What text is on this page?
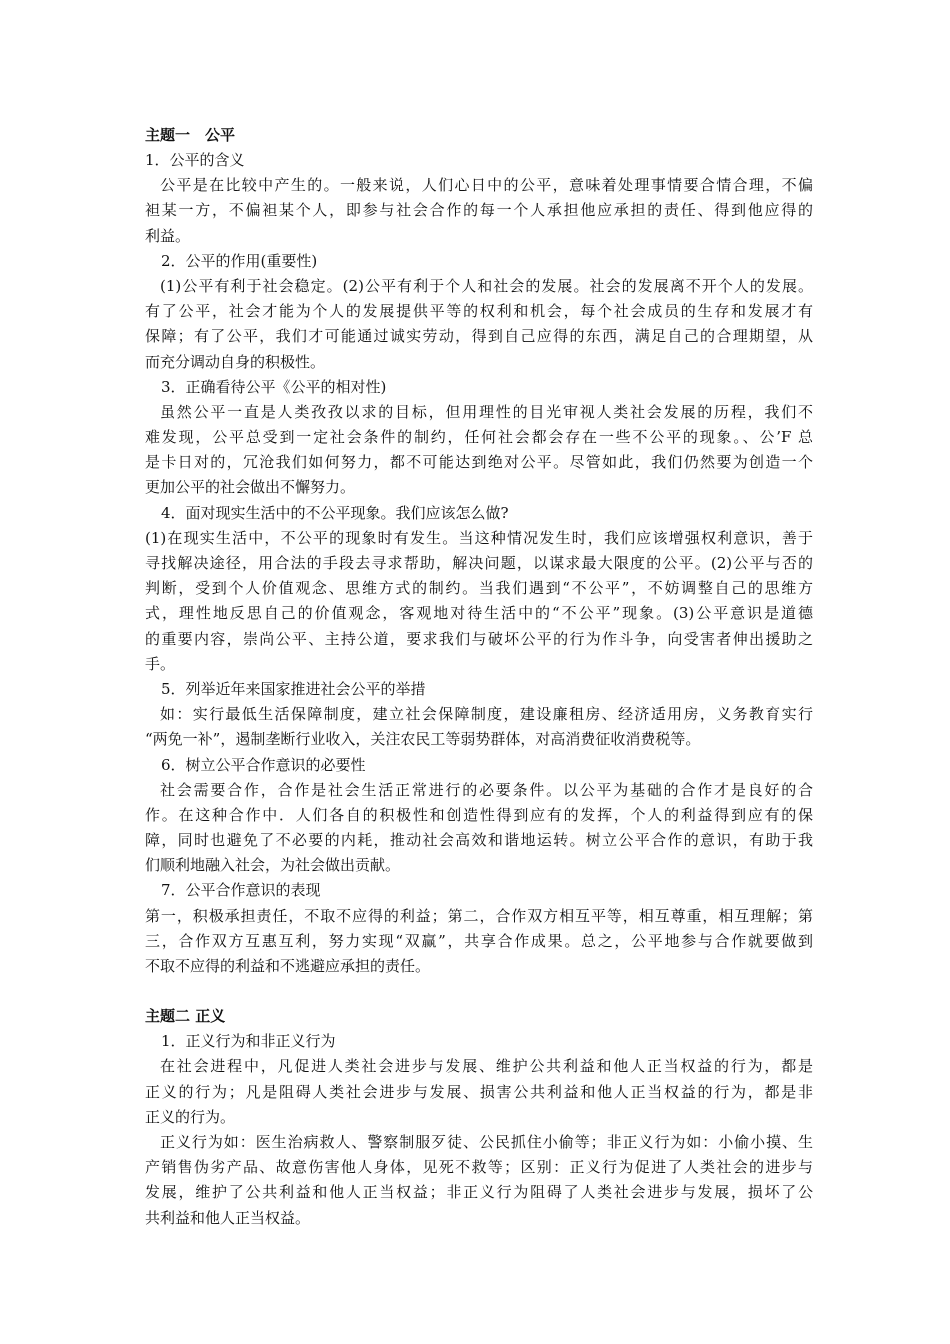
主题一　公平
1．公平的含义
公平是在比较中产生的。一般来说，人们心日中的公平，意味着处理事情要合情合理，不偏
袒某一方，不偏袒某个人，即参与社会合作的每一个人承担他应承担的责任、得到他应得的
利益。
2．公平的作用(重要性)
(1)公平有利于社会稳定。(2)公平有利于个人和社会的发展。社会的发展离不开个人的发展。
有了公平，社会才能为个人的发展提供平等的权利和机会，每个社会成员的生存和发展才有
保障；有了公平，我们才可能通过诚实劳动，得到自己应得的东西，满足自己的合理期望，从
而充分调动自身的积极性。
3．正确看待公平《公平的相对性)
虽然公平一直是人类孜孜以求的目标，但用理性的目光审视人类社会发展的历程，我们不
难发现，公平总受到一定社会条件的制约，任何社会都会存在一些不公平的现象。、公’F 总
是卡日对的，冗沧我们如何努力，都不可能达到绝对公平。尽管如此，我们仍然要为创造一个
更加公平的社会做出不懈努力。
4．面对现实生活中的不公平现象。我们应该怎么做?
(1)在现实生活中，不公平的现象时有发生。当这种情况发生时，我们应该增强权利意识，善于
寻找解决途径，用合法的手段去寻求帮助，解决问题，以谋求最大限度的公平。(2)公平与否的
判断，受到个人价值观念、思维方式的制约。当我们遇到“不公平”，不妨调整自己的思维方
式，理性地反思自己的价值观念，客观地对待生活中的“不公平”现象。(3)公平意识是道德
的重要内容，崇尚公平、主持公道，要求我们与破坏公平的行为作斗争，向受害者伸出援助之
手。
5．列举近年来国家推进社会公平的举措
如：实行最低生活保障制度，建立社会保障制度，建设廉租房、经济适用房，义务教育实行
“两免一补”，遏制垄断行业收入，关注农民工等弱势群体，对高消费征收消费税等。
6．树立公平合作意识的必要性
社会需要合作，合作是社会生活正常进行的必要条件。以公平为基础的合作才是良好的合
作。在这种合作中．人们各自的积极性和创造性得到应有的发挥，个人的利益得到应有的保
障，同时也避免了不必要的内耗，推动社会高效和谐地运转。树立公平合作的意识，有助于我
们顺利地融入社会，为社会做出贡献。
7．公平合作意识的表现
第一，积极承担责任，不取不应得的利益；第二，合作双方相互平等，相互尊重，相互理解；第
三，合作双方互惠互利，努力实现“双赢”，共享合作成果。总之，公平地参与合作就要做到
不取不应得的利益和不逃避应承担的责任。
主题二 正义
1．正义行为和非正义行为
在社会进程中，凡促进人类社会进步与发展、维护公共利益和他人正当权益的行为，都是
正义的行为；凡是阻碍人类社会进步与发展、损害公共利益和他人正当权益的行为，都是非
正义的行为。
正义行为如：医生治病救人、警察制服歹徒、公民抓住小偷等；非正义行为如：小偷小摸、生
产销售伪劣产品、故意伤害他人身体，见死不救等；区别：正义行为促进了人类社会的进步与
发展，维护了公共利益和他人正当权益；非正义行为阻碍了人类社会进步与发展，损坏了公
共利益和他人正当权益。
